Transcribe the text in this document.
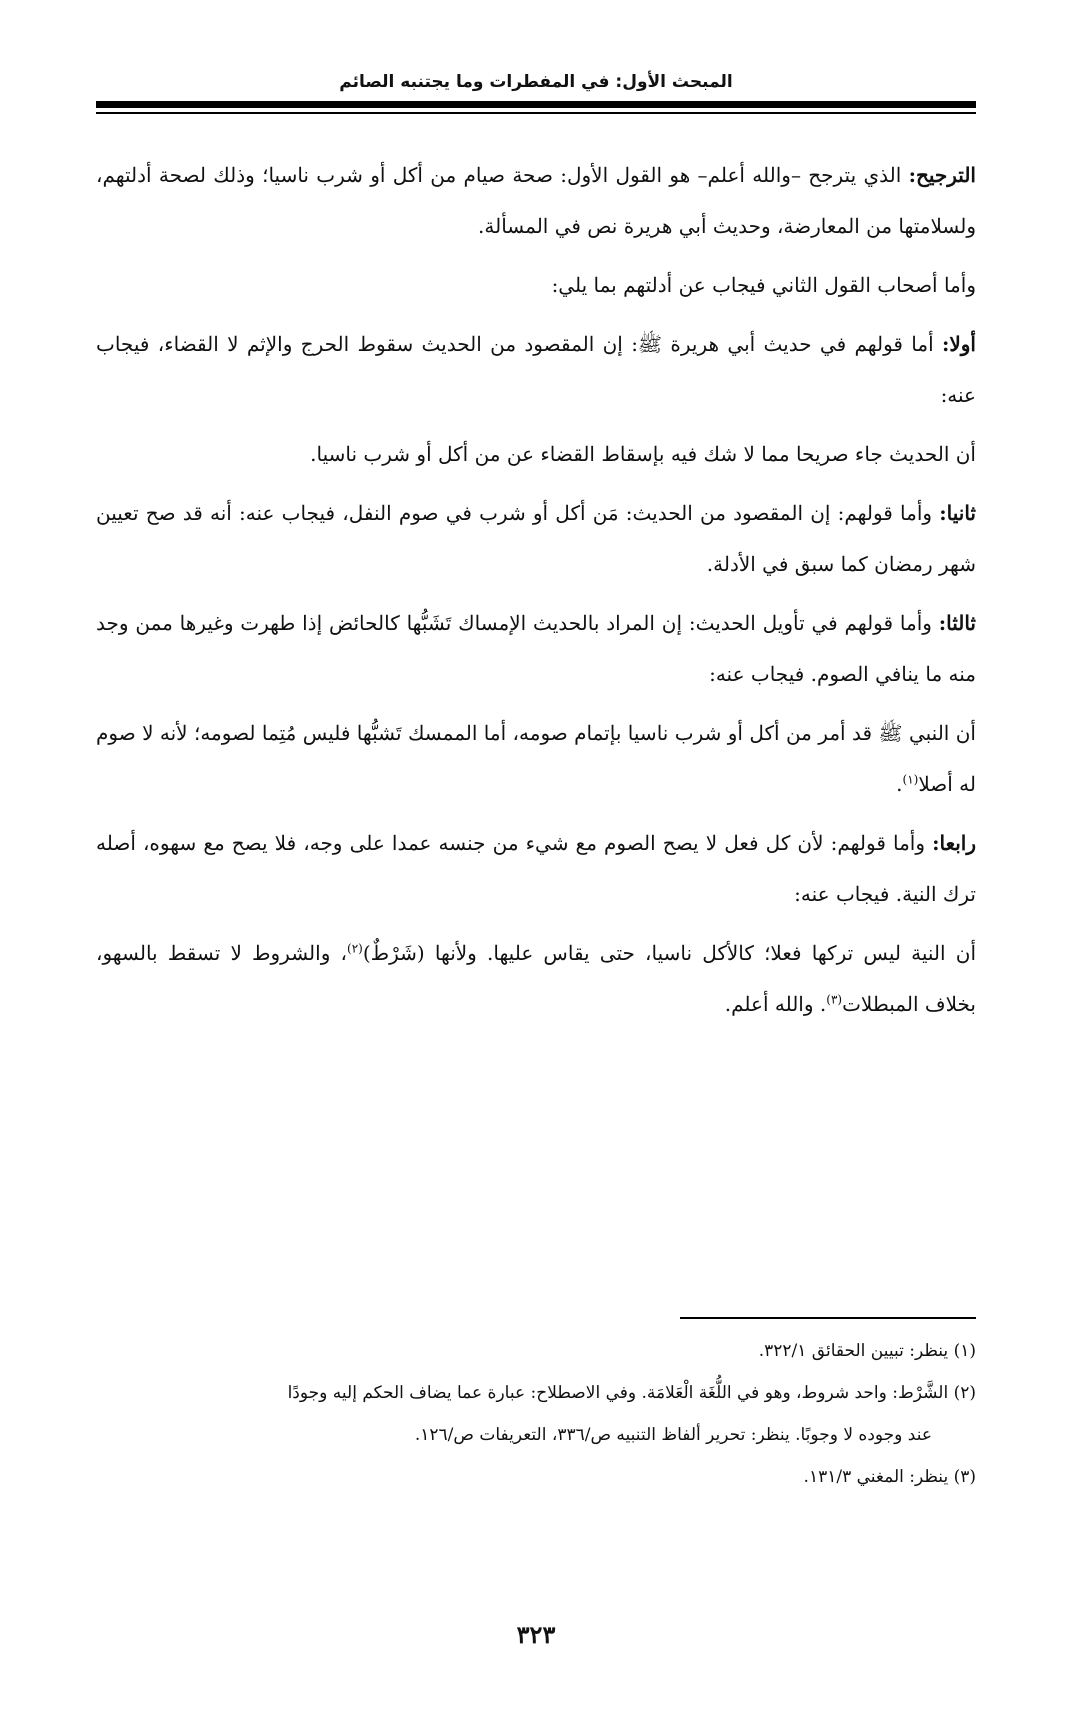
المبحث الأول: في المفطرات وما يجتنبه الصائم

الترجيح: الذي يترجح –والله أعلم– هو القول الأول: صحة صيام من أكل أو شرب ناسيا؛ وذلك لصحة أدلتهم، ولسلامتها من المعارضة، وحديث أبي هريرة نص في المسألة.

وأما أصحاب القول الثاني فيجاب عن أدلتهم بما يلي:

أولا: أما قولهم في حديث أبي هريرة ﷺ: إن المقصود من الحديث سقوط الحرج والإثم لا القضاء، فيجاب عنه:

أن الحديث جاء صريحا مما لا شك فيه بإسقاط القضاء عن من أكل أو شرب ناسيا.

ثانيا: وأما قولهم: إن المقصود من الحديث: مَن أكل أو شرب في صوم النفل، فيجاب عنه: أنه قد صح تعيين شهر رمضان كما سبق في الأدلة.

ثالثا: وأما قولهم في تأويل الحديث: إن المراد بالحديث الإمساك تَشَبُّها كالحائض إذا طهرت وغيرها ممن وجد منه ما ينافي الصوم. فيجاب عنه:

أن النبي ﷺ قد أمر من أكل أو شرب ناسيا بإتمام صومه، أما الممسك تَشبُّها فليس مُتِما لصومه؛ لأنه لا صوم له أصلا$^{(١)}$.

رابعا: وأما قولهم: لأن كل فعل لا يصح الصوم مع شيء من جنسه عمدا على وجه، فلا يصح مع سهوه، أصله ترك النية. فيجاب عنه:

أن النية ليس تركها فعلا؛ كالأكل ناسيا، حتى يقاس عليها. ولأنها (شَرْطٌ)$^{(٢)}$، والشروط لا تسقط بالسهو، بخلاف المبطلات$^{(٣)}$. والله أعلم.

(١) ينظر: تبيين الحقائق ٣٢٢/١.

(٢) الشَّرْط: واحد شروط، وهو في اللُّغَة الْعَلامَة. وفي الاصطلاح: عبارة عما يضاف الحكم إليه وجودًا

عند وجوده لا وجوبًا. ينظر: تحرير ألفاظ التنبيه ص/٣٣٦، التعريفات ص/١٢٦.

(٣) ينظر: المغني ١٣١/٣.

٣٢٣
